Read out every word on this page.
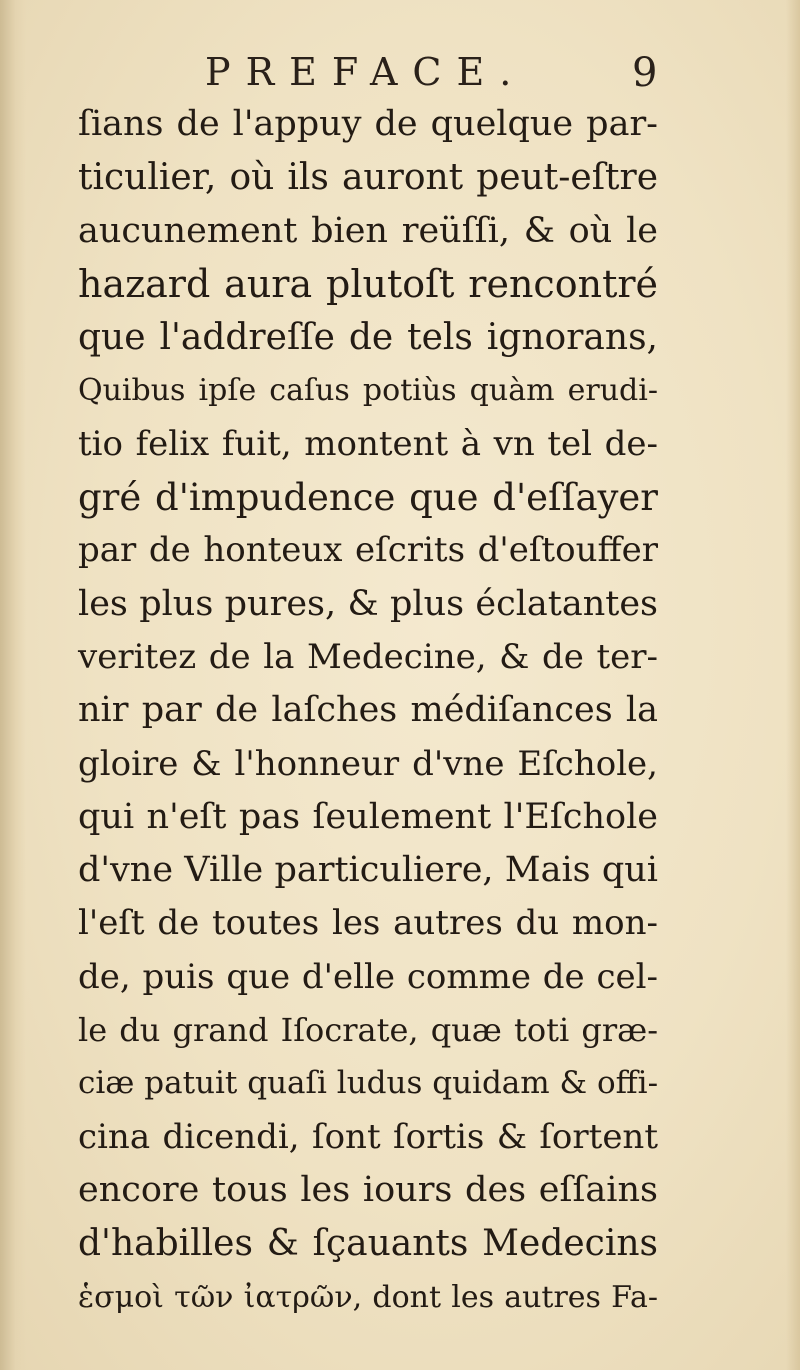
PREFACE.	9
ſians de l'appuy de quelque par-
ticulier, où ils auront peut-eſtre
aucunement bien reüſſi, & où le
hazard aura plutoſt rencontré
que l'addreſſe de tels ignorans,
Quibus ipſe caſus potiùs quàm erudi-
tio felix fuit, montent à vn tel de-
gré d'impudence que d'eſſayer
par de honteux eſcrits d'eſtouffer
les plus pures, & plus éclatantes
veritez de la Medecine, & de ter-
nir par de laſches médiſances la
gloire & l'honneur d'vne Eſchole,
qui n'eſt pas ſeulement l'Eſchole
d'vne Ville particuliere, Mais qui
l'eſt de toutes les autres du mon-
de, puis que d'elle comme de cel-
le du grand Iſocrate, quæ toti græ-
ciæ patuit quaſi ludus quidam & offi-
cina dicendi, ſont ſortis & ſortent
encore tous les iours des eſſains
d'habilles & ſçauants Medecins
ἑσμοὶ τῶν ἰατρῶν, dont les autres Fa-
